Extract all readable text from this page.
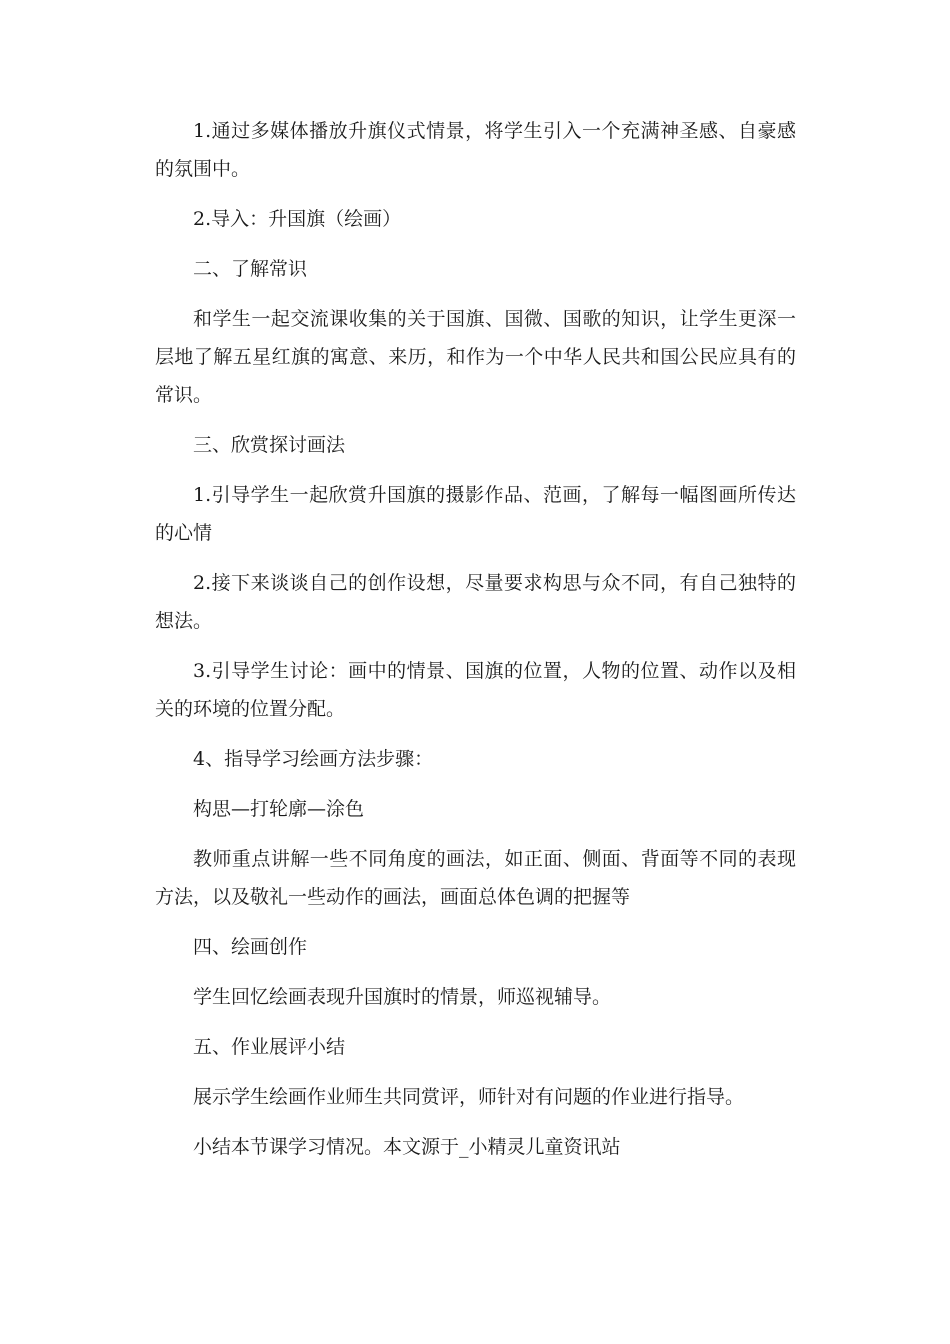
1.通过多媒体播放升旗仪式情景，将学生引入一个充满神圣感、自豪感的氛围中。

2.导入：升国旗（绘画）

二、了解常识

和学生一起交流课收集的关于国旗、国微、国歌的知识，让学生更深一层地了解五星红旗的寓意、来历，和作为一个中华人民共和国公民应具有的常识。

三、欣赏探讨画法

1.引导学生一起欣赏升国旗的摄影作品、范画，了解每一幅图画所传达的心情

2.接下来谈谈自己的创作设想，尽量要求构思与众不同，有自己独特的想法。

3.引导学生讨论：画中的情景、国旗的位置，人物的位置、动作以及相关的环境的位置分配。

4、指导学习绘画方法步骤：

构思—打轮廓—涂色

教师重点讲解一些不同角度的画法，如正面、侧面、背面等不同的表现方法，以及敬礼一些动作的画法，画面总体色调的把握等

四、绘画创作

学生回忆绘画表现升国旗时的情景，师巡视辅导。

五、作业展评小结

展示学生绘画作业师生共同赏评，师针对有问题的作业进行指导。

小结本节课学习情况。本文源于_小精灵儿童资讯站
